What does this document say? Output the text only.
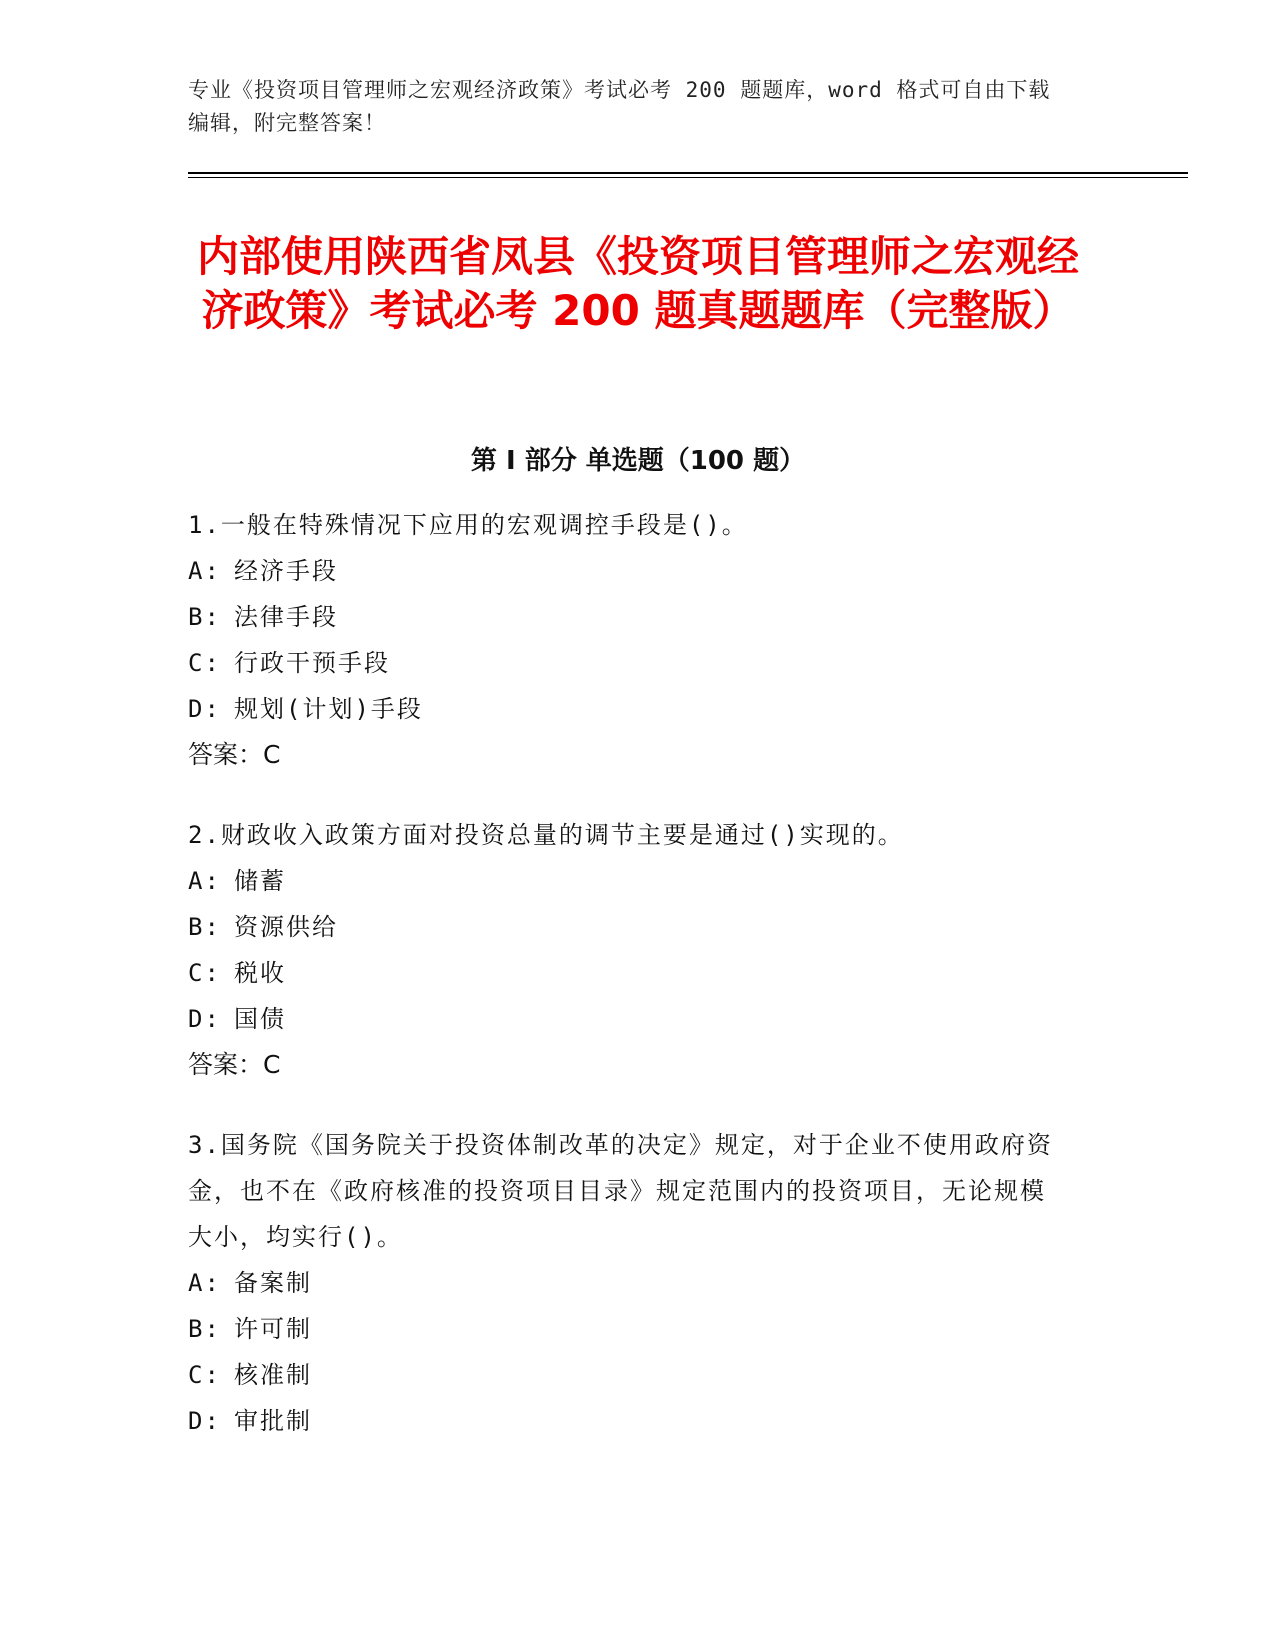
专业《投资项目管理师之宏观经济政策》考试必考 200 题题库，word 格式可自由下载编辑，附完整答案！
内部使用陕西省凤县《投资项目管理师之宏观经济政策》考试必考 200 题真题题库（完整版）
第 I 部分 单选题（100 题）

1.一般在特殊情况下应用的宏观调控手段是()。

A: 经济手段
B: 法律手段
C: 行政干预手段
D: 规划(计划)手段
答案：C

2.财政收入政策方面对投资总量的调节主要是通过()实现的。

A: 储蓄
B: 资源供给
C: 税收
D: 国债
答案：C

3.国务院《国务院关于投资体制改革的决定》规定，对于企业不使用政府资金，也不在《政府核准的投资项目目录》规定范围内的投资项目，无论规模大小，均实行()。

A: 备案制
B: 许可制
C: 核准制
D: 审批制
